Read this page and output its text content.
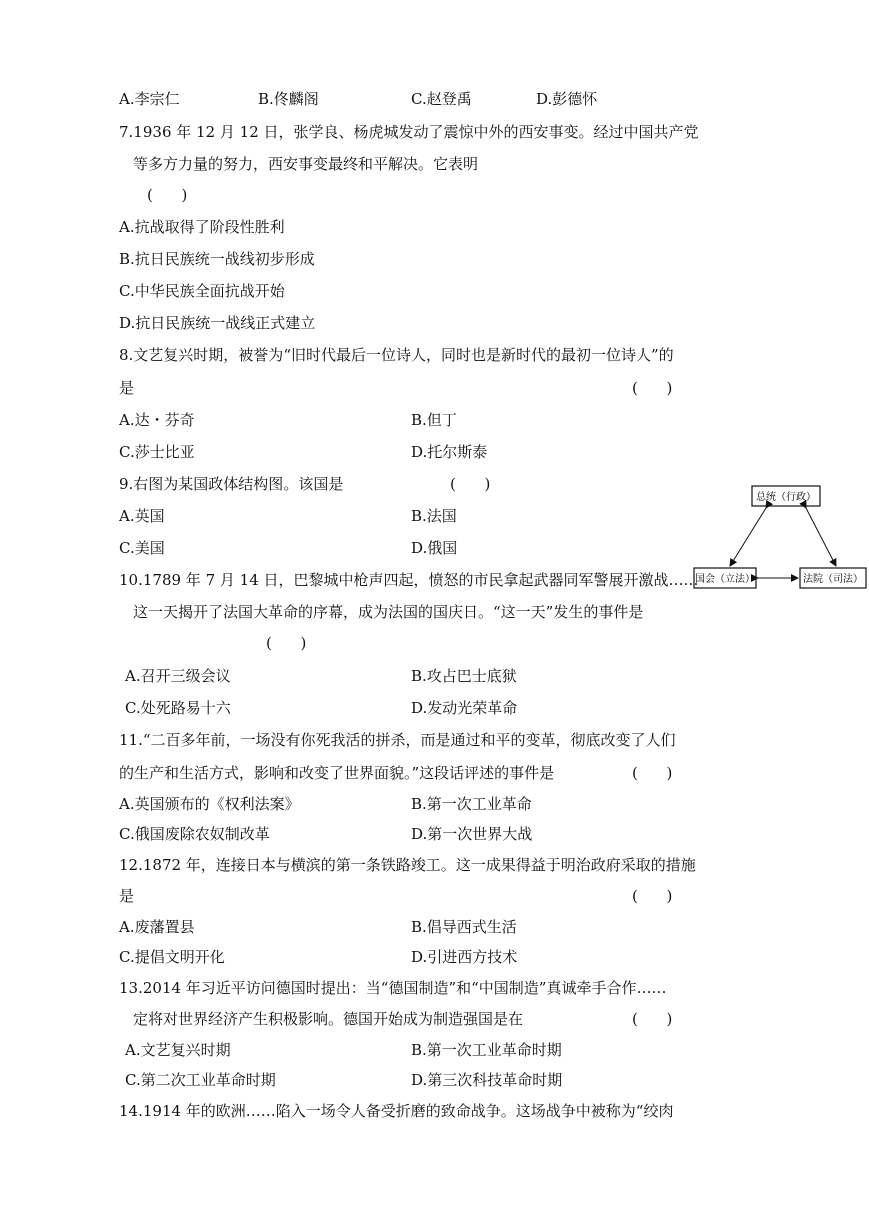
A.李宗仁	B.佟麟阁	C.赵登禹	D.彭德怀
7.1936 年 12 月 12 日，张学良、杨虎城发动了震惊中外的西安事变。经过中国共产党
等多方力量的努力，西安事变最终和平解决。它表明
(      )
A.抗战取得了阶段性胜利
B.抗日民族统一战线初步形成
C.中华民族全面抗战开始
D.抗日民族统一战线正式建立
8.文艺复兴时期，被誉为“旧时代最后一位诗人，同时也是新时代的最初一位诗人”的
是	(      )
A.达・芬奇	B.但丁
C.莎士比亚	D.托尔斯泰
9.右图为某国政体结构图。该国是	(      )
A.英国	B.法国
C.美国	D.俄国
总统（行政）
国会（立法）	法院（司法）
10.1789 年 7 月 14 日，巴黎城中枪声四起，愤怒的市民拿起武器同军警展开激战……
这一天揭开了法国大革命的序幕，成为法国的国庆日。“这一天”发生的事件是
(      )
A.召开三级会议	B.攻占巴士底狱
C.处死路易十六	D.发动光荣革命
11.“二百多年前，一场没有你死我活的拼杀，而是通过和平的变革，彻底改变了人们
的生产和生活方式，影响和改变了世界面貌。”这段话评述的事件是	(      )
A.英国颁布的《权利法案》	B.第一次工业革命
C.俄国废除农奴制改革	D.第一次世界大战
12.1872 年，连接日本与横滨的第一条铁路竣工。这一成果得益于明治政府采取的措施
是	(      )
A.废藩置县	B.倡导西式生活
C.提倡文明开化	D.引进西方技术
13.2014 年习近平访问德国时提出：当“德国制造”和“中国制造”真诚牵手合作……
定将对世界经济产生积极影响。德国开始成为制造强国是在	(      )
A.文艺复兴时期	B.第一次工业革命时期
C.第二次工业革命时期	D.第三次科技革命时期
14.1914 年的欧洲……陷入一场令人备受折磨的致命战争。这场战争中被称为“绞肉
